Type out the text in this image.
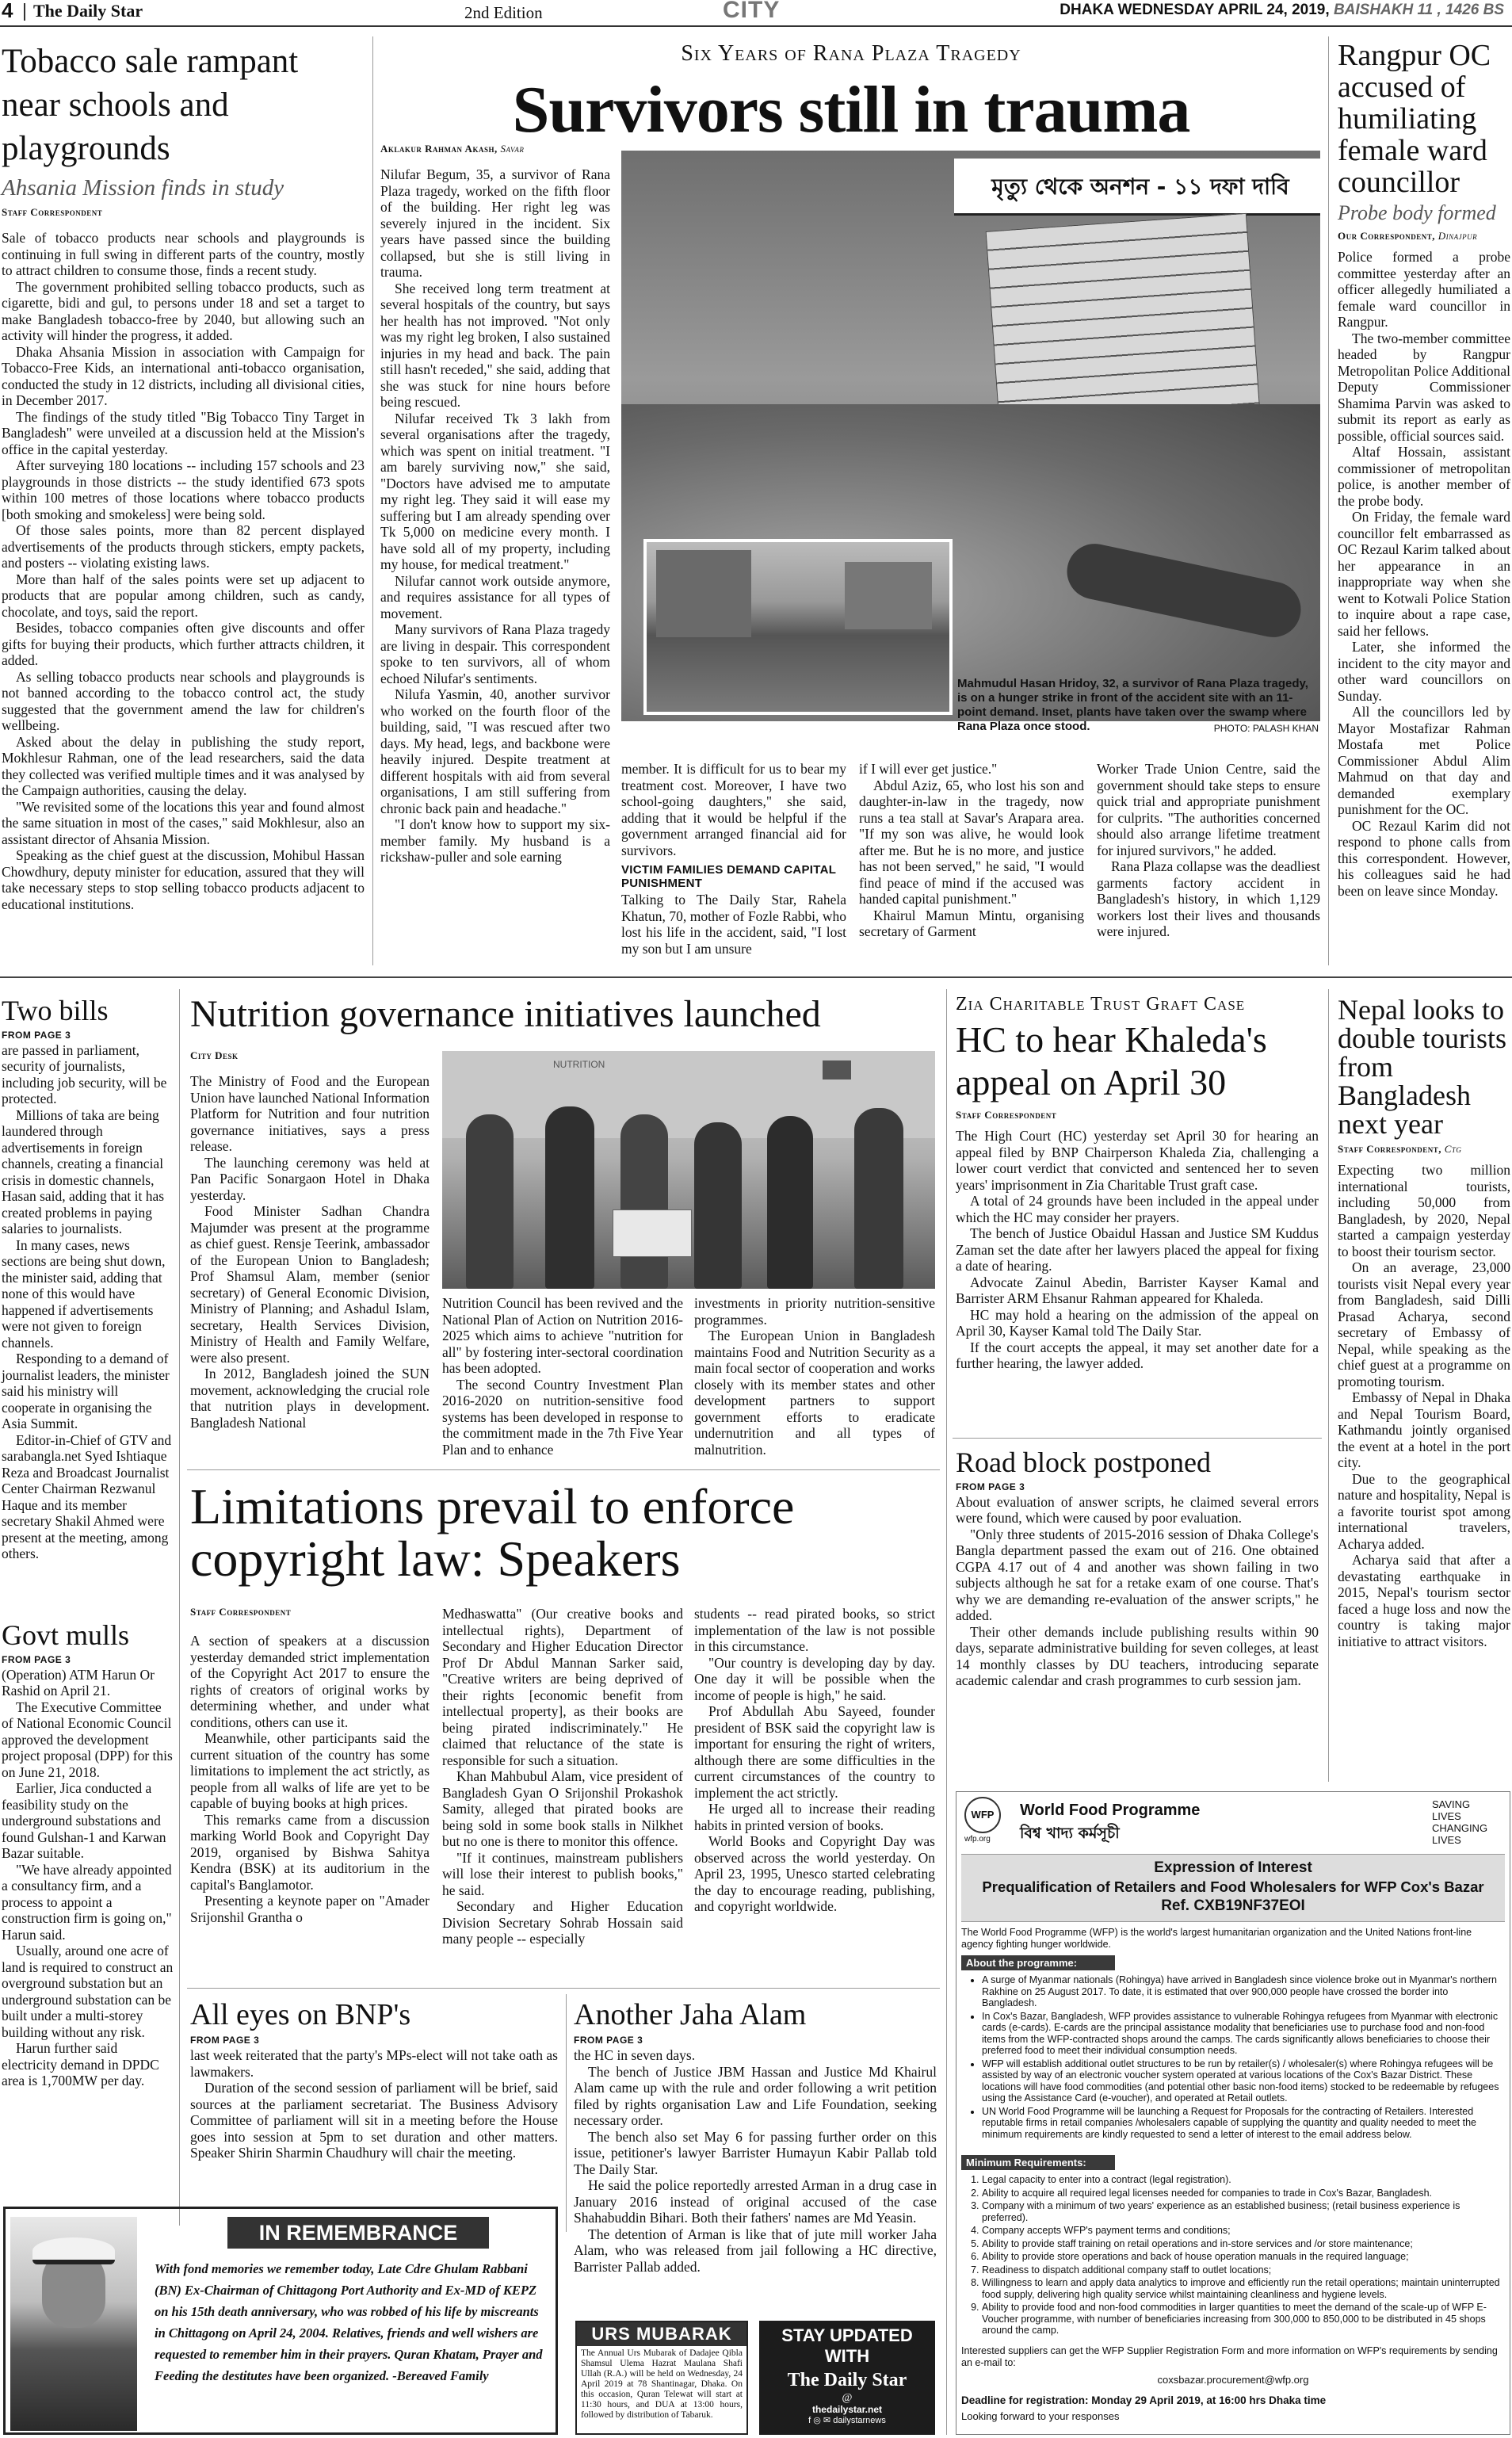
4 The Daily Star	2nd Edition	CITY	DHAKA WEDNESDAY APRIL 24, 2019, BAISHAKH 11 , 1426 BS
Tobacco sale rampant near schools and playgrounds
Ahsania Mission finds in study
Staff Correspondent

Sale of tobacco products near schools and playgrounds is continuing in full swing in different parts of the country, mostly to attract children to consume those, finds a recent study.

The government prohibited selling tobacco products, such as cigarette, bidi and gul, to persons under 18 and set a target to make Bangladesh tobacco-free by 2040, but allowing such an activity will hinder the progress, it added.

Dhaka Ahsania Mission in association with Campaign for Tobacco-Free Kids, an international anti-tobacco organisation, conducted the study in 12 districts, including all divisional cities, in December 2017.

The findings of the study titled "Big Tobacco Tiny Target in Bangladesh" were unveiled at a discussion held at the Mission's office in the capital yesterday.

After surveying 180 locations -- including 157 schools and 23 playgrounds in those districts -- the study identified 673 spots within 100 metres of those locations where tobacco products [both smoking and smokeless] were being sold.

Of those sales points, more than 82 percent displayed advertisements of the products through stickers, empty packets, and posters -- violating existing laws.

More than half of the sales points were set up adjacent to products that are popular among children, such as candy, chocolate, and toys, said the report.

Besides, tobacco companies often give discounts and offer gifts for buying their products, which further attracts children, it added.

As selling tobacco products near schools and playgrounds is not banned according to the tobacco control act, the study suggested that the government amend the law for children's wellbeing.

Asked about the delay in publishing the study report, Mokhlesur Rahman, one of the lead researchers, said the data they collected was verified multiple times and it was analysed by the Campaign authorities, causing the delay.

"We revisited some of the locations this year and found almost the same situation in most of the cases," said Mokhlesur, also an assistant director of Ahsania Mission.

Speaking as the chief guest at the discussion, Mohibul Hassan Chowdhury, deputy minister for education, assured that they will take necessary steps to stop selling tobacco products adjacent to educational institutions.

Six Years of Rana Plaza Tragedy
Survivors still in trauma
Aklakur Rahman Akash, Savar

Nilufar Begum, 35, a survivor of Rana Plaza tragedy, worked on the fifth floor of the building. Her right leg was severely injured in the incident. Six years have passed since the building collapsed, but she is still living in trauma.

She received long term treatment at several hospitals of the country, but says her health has not improved. "Not only was my right leg broken, I also sustained injuries in my head and back. The pain still hasn't receded," she said, adding that she was stuck for nine hours before being rescued.

Nilufar received Tk 3 lakh from several organisations after the tragedy, which was spent on initial treatment. "I am barely surviving now," she said, "Doctors have advised me to amputate my right leg. They said it will ease my suffering but I am already spending over Tk 5,000 on medicine every month. I have sold all of my property, including my house, for medical treatment."

Nilufar cannot work outside anymore, and requires assistance for all types of movement.

Many survivors of Rana Plaza tragedy are living in despair. This correspondent spoke to ten survivors, all of whom echoed Nilufar's sentiments.

Nilufa Yasmin, 40, another survivor who worked on the fourth floor of the building, said, "I was rescued after two days. My head, legs, and backbone were heavily injured. Despite treatment at different hospitals with aid from several organisations, I am still suffering from chronic back pain and headache."

"I don't know how to support my six-member family. My husband is a rickshaw-puller and sole earning

মৃত্যু থেকে অনশন - ১১ দফা দাবি
Mahmudul Hasan Hridoy, 32, a survivor of Rana Plaza tragedy, is on a hunger strike in front of the accident site with an 11-point demand. Inset, plants have taken over the swamp where Rana Plaza once stood.	PHOTO: PALASH KHAN

member. It is difficult for us to bear my treatment cost. Moreover, I have two school-going daughters," she said, adding that it would be helpful if the government arranged financial aid for survivors.

VICTIM FAMILIES DEMAND CAPITAL PUNISHMENT

Talking to The Daily Star, Rahela Khatun, 70, mother of Fozle Rabbi, who lost his life in the accident, said, "I lost my son but I am unsure

if I will ever get justice."

Abdul Aziz, 65, who lost his son and daughter-in-law in the tragedy, now runs a tea stall at Savar's Arapara area. "If my son was alive, he would look after me. But he is no more, and justice has not been served," he said, "I would find peace of mind if the accused was handed capital punishment."

Khairul Mamun Mintu, organising secretary of Garment

Worker Trade Union Centre, said the government should take steps to ensure quick trial and appropriate punishment for culprits. "The authorities concerned should also arrange lifetime treatment for injured survivors," he added.

Rana Plaza collapse was the deadliest garments factory accident in Bangladesh's history, in which 1,129 workers lost their lives and thousands were injured.

Rangpur OC accused of humiliating female ward councillor
Probe body formed
Our Correspondent, Dinajpur

Police formed a probe committee yesterday after an officer allegedly humiliated a female ward councillor in Rangpur.

The two-member committee headed by Rangpur Metropolitan Police Additional Deputy Commissioner Shamima Parvin was asked to submit its report as early as possible, official sources said.

Altaf Hossain, assistant commissioner of metropolitan police, is another member of the probe body.

On Friday, the female ward councillor felt embarrassed as OC Rezaul Karim talked about her appearance in an inappropriate way when she went to Kotwali Police Station to inquire about a rape case, said her fellows.

Later, she informed the incident to the city mayor and other ward councillors on Sunday.

All the councillors led by Mayor Mostafizar Rahman Mostafa met Police Commissioner Abdul Alim Mahmud on that day and demanded exemplary punishment for the OC.

OC Rezaul Karim did not respond to phone calls from this correspondent. However, his colleagues said he had been on leave since Monday.

Two bills
FROM PAGE 3

are passed in parliament, security of journalists, including job security, will be protected.

Millions of taka are being laundered through advertisements in foreign channels, creating a financial crisis in domestic channels, Hasan said, adding that it has created problems in paying salaries to journalists.

In many cases, news sections are being shut down, the minister said, adding that none of this would have happened if advertisements were not given to foreign channels.

Responding to a demand of journalist leaders, the minister said his ministry will cooperate in organising the Asia Summit.

Editor-in-Chief of GTV and sarabangla.net Syed Ishtiaque Reza and Broadcast Journalist Center Chairman Rezwanul Haque and its member secretary Shakil Ahmed were present at the meeting, among others.

Govt mulls
FROM PAGE 3

(Operation) ATM Harun Or Rashid on April 21.

The Executive Committee of National Economic Council approved the development project proposal (DPP) for this on June 21, 2018.

Earlier, Jica conducted a feasibility study on the underground substations and found Gulshan-1 and Karwan Bazar suitable.

"We have already appointed a consultancy firm, and a process to appoint a construction firm is going on," Harun said.

Usually, around one acre of land is required to construct an overground substation but an underground substation can be built under a multi-storey building without any risk.

Harun further said electricity demand in DPDC area is 1,700MW per day.

Nutrition governance initiatives launched
City Desk

The Ministry of Food and the European Union have launched National Information Platform for Nutrition and four nutrition governance initiatives, says a press release.

The launching ceremony was held at Pan Pacific Sonargaon Hotel in Dhaka yesterday.

Food Minister Sadhan Chandra Majumder was present at the programme as chief guest. Rensje Teerink, ambassador of the European Union to Bangladesh; Prof Shamsul Alam, member (senior secretary) of General Economic Division, Ministry of Planning; and Ashadul Islam, secretary, Health Services Division, Ministry of Health and Family Welfare, were also present.

In 2012, Bangladesh joined the SUN movement, acknowledging the crucial role that nutrition plays in development. Bangladesh National

NUTRITION

Nutrition Council has been revived and the National Plan of Action on Nutrition 2016-2025 which aims to achieve "nutrition for all" by fostering inter-sectoral coordination has been adopted.

The second Country Investment Plan 2016-2020 on nutrition-sensitive food systems has been developed in response to the commitment made in the 7th Five Year Plan and to enhance

investments in priority nutrition-sensitive programmes.

The European Union in Bangladesh maintains Food and Nutrition Security as a main focal sector of cooperation and works closely with its member states and other development partners to support government efforts to eradicate undernutrition and all types of malnutrition.

Limitations prevail to enforce copyright law: Speakers
Staff Correspondent

A section of speakers at a discussion yesterday demanded strict implementation of the Copyright Act 2017 to ensure the rights of creators of original works by determining whether, and under what conditions, others can use it.

Meanwhile, other participants said the current situation of the country has some limitations to implement the act strictly, as people from all walks of life are yet to be capable of buying books at high prices.

This remarks came from a discussion marking World Book and Copyright Day 2019, organised by Bishwa Sahitya Kendra (BSK) at its auditorium in the capital's Banglamotor.

Presenting a keynote paper on "Amader Srijonshil Grantha o

Medhaswatta" (Our creative books and intellectual rights), Department of Secondary and Higher Education Director Prof Dr Abdul Mannan Sarker said, "Creative writers are being deprived of their rights [economic benefit from intellectual property], as their books are being pirated indiscriminately." He claimed that reluctance of the state is responsible for such a situation.

Khan Mahbubul Alam, vice president of Bangladesh Gyan O Srijonshil Prokashok Samity, alleged that pirated books are being sold in some book stalls in Nilkhet but no one is there to monitor this offence.

"If it continues, mainstream publishers will lose their interest to publish books," he said.

Secondary and Higher Education Division Secretary Sohrab Hossain said many people -- especially

students -- read pirated books, so strict implementation of the law is not possible in this circumstance.

"Our country is developing day by day. One day it will be possible when the income of people is high," he said.

Prof Abdullah Abu Sayeed, founder president of BSK said the copyright law is important for ensuring the right of writers, although there are some difficulties in the current circumstances of the country to implement the act strictly.

He urged all to increase their reading habits in printed version of books.

World Books and Copyright Day was observed across the world yesterday. On April 23, 1995, Unesco started celebrating the day to encourage reading, publishing, and copyright worldwide.

All eyes on BNP's
FROM PAGE 3

last week reiterated that the party's MPs-elect will not take oath as lawmakers.

Duration of the second session of parliament will be brief, said sources at the parliament secretariat. The Business Advisory Committee of parliament will sit in a meeting before the House goes into session at 5pm to set duration and other matters. Speaker Shirin Sharmin Chaudhury will chair the meeting.

Another Jaha Alam
FROM PAGE 3

the HC in seven days.

The bench of Justice JBM Hassan and Justice Md Khairul Alam came up with the rule and order following a writ petition filed by rights organisation Law and Life Foundation, seeking necessary order.

The bench also set May 6 for passing further order on this issue, petitioner's lawyer Barrister Humayun Kabir Pallab told The Daily Star.

He said the police reportedly arrested Arman in a drug case in January 2016 instead of original accused of the case Shahabuddin Bihari. Both their fathers' names are Md Yeasin.

The detention of Arman is like that of jute mill worker Jaha Alam, who was released from jail following a HC directive, Barrister Pallab added.

IN REMEMBRANCE
With fond memories we remember today, Late Cdre Ghulam Rabbani (BN) Ex-Chairman of Chittagong Port Authority and Ex-MD of KEPZ on his 15th death anniversary, who was robbed of his life by miscreants in Chittagong on April 24, 2004. Relatives, friends and well wishers are requested to remember him in their prayers. Quran Khatam, Prayer and Feeding the destitutes have been organized. -Bereaved Family
URS MUBARAK
The Annual Urs Mubarak of Dadajee Qibla Shamsul Ulema Hazrat Maulana Shafi Ullah (R.A.) will be held on Wednesday, 24 April 2019 at 78 Shantinagar, Dhaka. On this occasion, Quran Telewat will start at 11:30 hours, and DUA at 13:00 hours, followed by distribution of Tabaruk.
STAY UPDATED WITH
The Daily Star
@
thedailystar.net
f ◎ ✉ dailystarnews
Zia Charitable Trust Graft Case
HC to hear Khaleda's appeal on April 30
Staff Correspondent

The High Court (HC) yesterday set April 30 for hearing an appeal filed by BNP Chairperson Khaleda Zia, challenging a lower court verdict that convicted and sentenced her to seven years' imprisonment in Zia Charitable Trust graft case.

A total of 24 grounds have been included in the appeal under which the HC may consider her prayers.

The bench of Justice Obaidul Hassan and Justice SM Kuddus Zaman set the date after her lawyers placed the appeal for fixing a date of hearing.

Advocate Zainul Abedin, Barrister Kayser Kamal and Barrister ARM Ehsanur Rahman appeared for Khaleda.

HC may hold a hearing on the admission of the appeal on April 30, Kayser Kamal told The Daily Star.

If the court accepts the appeal, it may set another date for a further hearing, the lawyer added.

Road block postponed
FROM PAGE 3

About evaluation of answer scripts, he claimed several errors were found, which were caused by poor evaluation.

"Only three students of 2015-2016 session of Dhaka College's Bangla department passed the exam out of 216. One obtained CGPA 4.17 out of 4 and another was shown failing in two subjects although he sat for a retake exam of one course. That's why we are demanding re-evaluation of the answer scripts," he added.

Their other demands include publishing results within 90 days, separate administrative building for seven colleges, at least 14 monthly classes by DU teachers, introducing separate academic calendar and crash programmes to curb session jam.

Nepal looks to double tourists from Bangladesh next year
Staff Correspondent, Ctg

Expecting two million international tourists, including 50,000 from Bangladesh, by 2020, Nepal started a campaign yesterday to boost their tourism sector.

On an average, 23,000 tourists visit Nepal every year from Bangladesh, said Dilli Prasad Acharya, second secretary of Embassy of Nepal, while speaking as the chief guest at a programme on promoting tourism.

Embassy of Nepal in Dhaka and Nepal Tourism Board, Kathmandu jointly organised the event at a hotel in the port city.

Due to the geographical nature and hospitality, Nepal is a favorite tourist spot among international travelers, Acharya added.

Acharya said that after a devastating earthquake in 2015, Nepal's tourism sector faced a huge loss and now the country is taking major initiative to attract visitors.

WFP
wfp.org
World Food Programme
বিশ্ব খাদ্য কর্মসূচী
SAVING LIVES CHANGING LIVES
Expression of Interest
Prequalification of Retailers and Food Wholesalers for WFP Cox's Bazar
Ref. CXB19NF37EOI
The World Food Programme (WFP) is the world's largest humanitarian organization and the United Nations front-line agency fighting hunger worldwide.
About the programme:
• A surge of Myanmar nationals (Rohingya) have arrived in Bangladesh since violence broke out in Myanmar's northern Rakhine on 25 August 2017. To date, it is estimated that over 900,000 people have crossed the border into Bangladesh.
• In Cox's Bazar, Bangladesh, WFP provides assistance to vulnerable Rohingya refugees from Myanmar with electronic cards (e-cards). E-cards are the principal assistance modality that beneficiaries use to purchase food and non-food items from the WFP-contracted shops around the camps. The cards significantly allows beneficiaries to choose their preferred food to meet their individual consumption needs.
• WFP will establish additional outlet structures to be run by retailer(s) / wholesaler(s) where Rohingya refugees will be assisted by way of an electronic voucher system operated at various locations of the Cox's Bazar District. These locations will have food commodities (and potential other basic non-food items) stocked to be redeemable by refugees using the Assistance Card (e-voucher), and operated at Retail outlets.
• UN World Food Programme will be launching a Request for Proposals for the contracting of Retailers. Interested reputable firms in retail companies /wholesalers capable of supplying the quantity and quality needed to meet the minimum requirements are kindly requested to send a letter of interest to the email address below.
Minimum Requirements:
1. Legal capacity to enter into a contract (legal registration).
2. Ability to acquire all required legal licenses needed for companies to trade in Cox's Bazar, Bangladesh.
3. Company with a minimum of two years' experience as an established business; (retail business experience is preferred).
4. Company accepts WFP's payment terms and conditions;
5. Ability to provide staff training on retail operations and in-store services and /or store maintenance;
6. Ability to provide store operations and back of house operation manuals in the required language;
7. Readiness to dispatch additional company staff to outlet locations;
8. Willingness to learn and apply data analytics to improve and efficiently run the retail operations; maintain uninterrupted food supply, delivering high quality service whilst maintaining cleanliness and hygiene levels.
9. Ability to provide food and non-food commodities in larger quantities to meet the demand of the scale-up of WFP E-Voucher programme, with number of beneficiaries increasing from 300,000 to 850,000 to be distributed in 45 shops around the camp.
Interested suppliers can get the WFP Supplier Registration Form and more information on WFP's requirements by sending an e-mail to:
coxsbazar.procurement@wfp.org
Deadline for registration: Monday 29 April 2019, at 16:00 hrs Dhaka time
Looking forward to your responses
